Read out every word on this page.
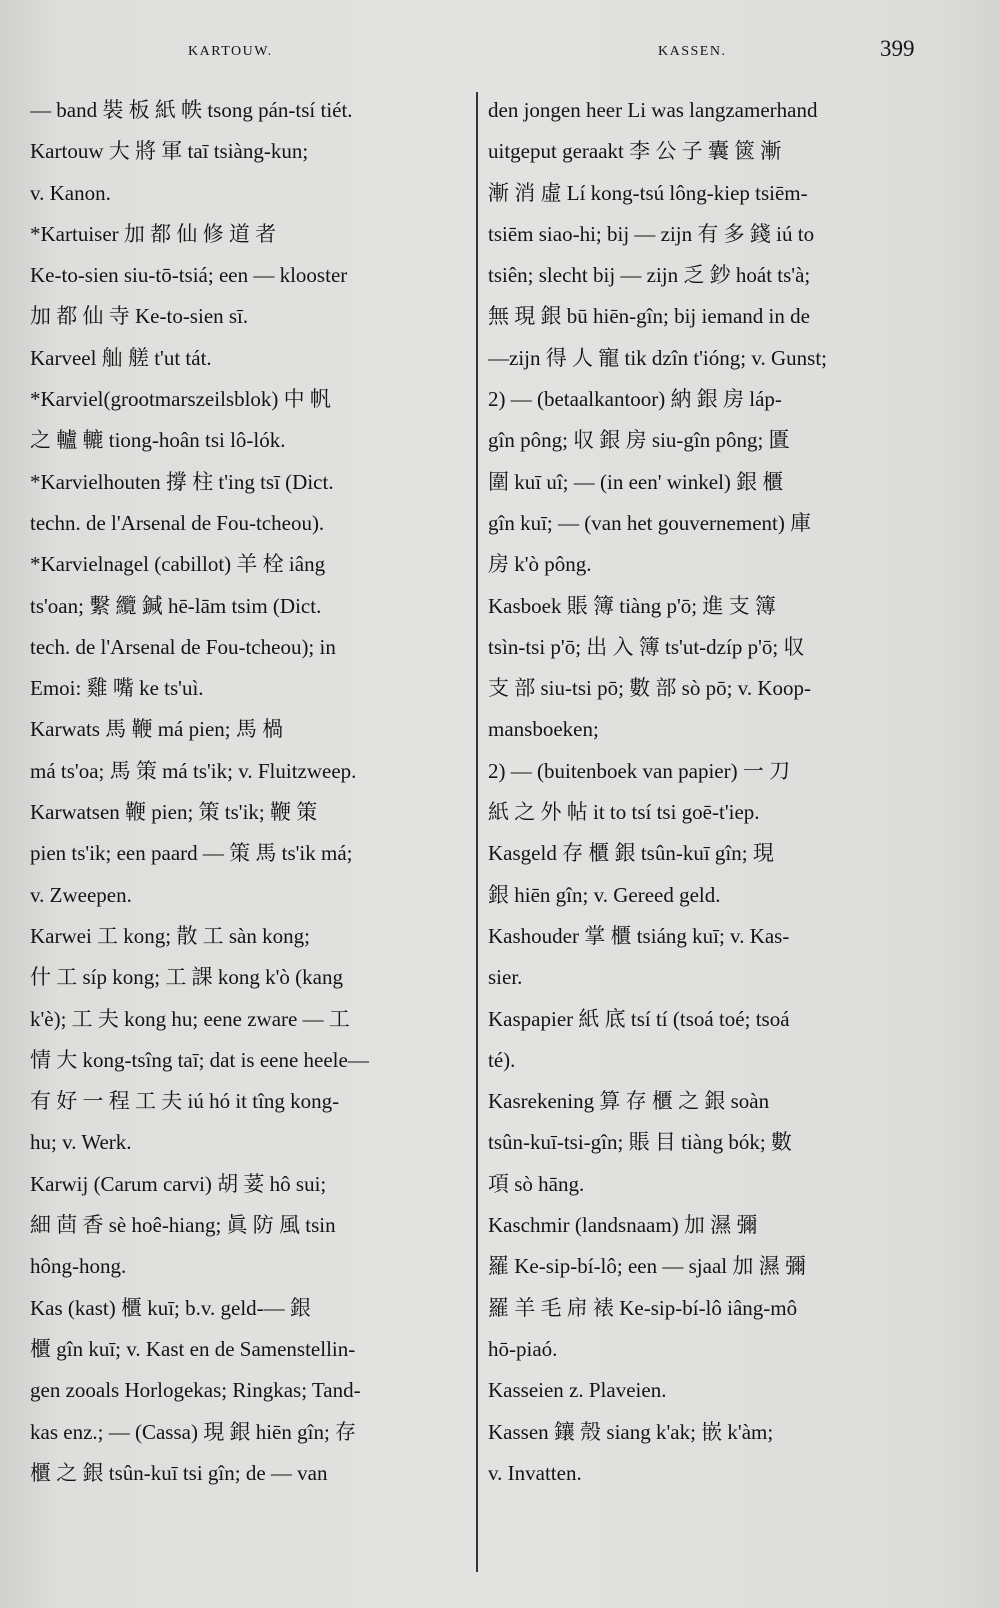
KARTOUW.	KASSEN.	399
— band 裝 板 紙 帙 tsong pán-tsí tiét.
Kartouw 大 將 軍 taī tsiàng-kun;
v. Kanon.
*Kartuiser 加 都 仙 修 道 者
Ke-to-sien siu-tō-tsiá; een — klooster
加 都 仙 寺 Ke-to-sien sī.
Karveel 舢 艖 t'ut tát.
*Karviel(grootmarszeilsblok) 中 帆
之 轤 轆 tiong-hoân tsi lô-lók.
*Karvielhouten 撐 柱 t'ing tsī (Dict.
techn. de l'Arsenal de Fou-tcheou).
*Karvielnagel (cabillot) 羊 栓 iâng
ts'oan; 繫 纜 鍼 hē-lām tsim (Dict.
tech. de l'Arsenal de Fou-tcheou); in
Emoi: 雞 嘴 ke ts'uì.
Karwats 馬 鞭 má pien; 馬 楇
má ts'oa; 馬 策 má ts'ik; v. Fluitzweep.
Karwatsen 鞭 pien; 策 ts'ik; 鞭 策
pien ts'ik; een paard — 策 馬 ts'ik má;
v. Zweepen.
Karwei 工 kong; 散 工 sàn kong;
什 工 síp kong; 工 課 kong k'ò (kang
k'è); 工 夫 kong hu; eene zware — 工
情 大 kong-tsîng taī; dat is eene heele—
有 好 一 程 工 夫 iú hó it tîng kong-
hu; v. Werk.
Karwij (Carum carvi) 胡 荽 hô sui;
細 茴 香 sè hoê-hiang; 眞 防 風 tsin
hông-hong.
Kas (kast) 櫃 kuī; b.v. geld-— 銀
櫃 gîn kuī; v. Kast en de Samenstellin-
gen zooals Horlogekas; Ringkas; Tand-
kas enz.; — (Cassa) 現 銀 hiēn gîn; 存
櫃 之 銀 tsûn-kuī tsi gîn; de — van
den jongen heer Li was langzamerhand
uitgeput geraakt 李 公 子 囊 篋 漸
漸 消 虛 Lí kong-tsú lông-kiep tsiēm-
tsiēm siao-hi; bij — zijn 有 多 錢 iú to
tsiên; slecht bij — zijn 乏 鈔 hoát ts'à;
無 現 銀 bū hiēn-gîn; bij iemand in de
—zijn 得 人 寵 tik dzîn t'ióng; v. Gunst;
2) — (betaalkantoor) 納 銀 房 láp-
gîn pông; 収 銀 房 siu-gîn pông; 匱
圍 kuī uî; — (in een' winkel) 銀 櫃
gîn kuī; — (van het gouvernement) 庫
房 k'ò pông.
Kasboek 賬 簿 tiàng p'ō; 進 支 簿
tsìn-tsi p'ō; 出 入 簿 ts'ut-dzíp p'ō; 収
支 部 siu-tsi pō; 數 部 sò pō; v. Koop-
mansboeken;
2) — (buitenboek van papier) 一 刀
紙 之 外 帖 it to tsí tsi goē-t'iep.
Kasgeld 存 櫃 銀 tsûn-kuī gîn; 現
銀 hiēn gîn; v. Gereed geld.
Kashouder 掌 櫃 tsiáng kuī; v. Kas-
sier.
Kaspapier 紙 底 tsí tí (tsoá toé; tsoá
té).
Kasrekening 算 存 櫃 之 銀 soàn
tsûn-kuī-tsi-gîn; 賬 目 tiàng bók; 數
項 sò hāng.
Kaschmir (landsnaam) 加 濕 彌
羅 Ke-sip-bí-lô; een — sjaal 加 濕 彌
羅 羊 毛 帍 裱 Ke-sip-bí-lô iâng-mô
hō-piaó.
Kasseien z. Plaveien.
Kassen 鑲 殼 siang k'ak; 嵌 k'àm;
v. Invatten.
